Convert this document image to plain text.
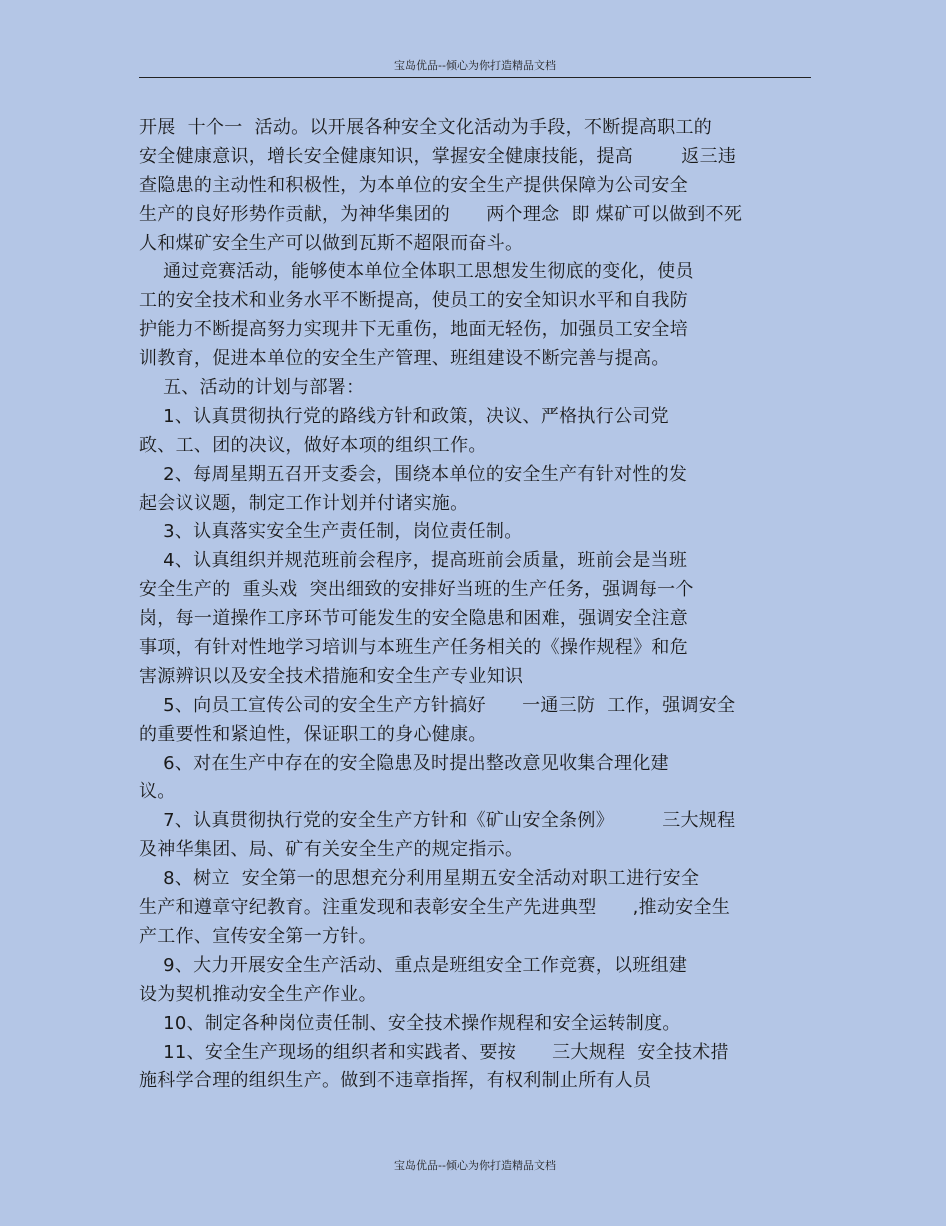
宝岛优品--倾心为你打造精品文档
开展  十个一  活动。以开展各种安全文化活动为手段，不断提高职工的
安全健康意识，增长安全健康知识，掌握安全健康技能，提高        返三违
查隐患的主动性和积极性，为本单位的安全生产提供保障为公司安全
生产的良好形势作贡献，为神华集团的      两个理念  即 煤矿可以做到不死
人和煤矿安全生产可以做到瓦斯不超限而奋斗。
通过竞赛活动，能够使本单位全体职工思想发生彻底的变化，使员
工的安全技术和业务水平不断提高，使员工的安全知识水平和自我防
护能力不断提高努力实现井下无重伤，地面无轻伤，加强员工安全培
训教育，促进本单位的安全生产管理、班组建设不断完善与提高。
五、活动的计划与部署：
1、认真贯彻执行党的路线方针和政策，决议、严格执行公司党
政、工、团的决议，做好本项的组织工作。
2、每周星期五召开支委会，围绕本单位的安全生产有针对性的发
起会议议题，制定工作计划并付诸实施。
3、认真落实安全生产责任制，岗位责任制。
4、认真组织并规范班前会程序，提高班前会质量，班前会是当班
安全生产的  重头戏  突出细致的安排好当班的生产任务，强调每一个
岗，每一道操作工序环节可能发生的安全隐患和困难，强调安全注意
事项，有针对性地学习培训与本班生产任务相关的《操作规程》和危
害源辨识以及安全技术措施和安全生产专业知识
5、向员工宣传公司的安全生产方针搞好      一通三防  工作，强调安全
的重要性和紧迫性，保证职工的身心健康。
6、对在生产中存在的安全隐患及时提出整改意见收集合理化建
议。
7、认真贯彻执行党的安全生产方针和《矿山安全条例》        三大规程
及神华集团、局、矿有关安全生产的规定指示。
8、树立  安全第一的思想充分利用星期五安全活动对职工进行安全
生产和遵章守纪教育。注重发现和表彰安全生产先进典型      ,推动安全生
产工作、宣传安全第一方针。
9、大力开展安全生产活动、重点是班组安全工作竞赛，以班组建
设为契机推动安全生产作业。
10、制定各种岗位责任制、安全技术操作规程和安全运转制度。
11、安全生产现场的组织者和实践者、要按      三大规程  安全技术措
施科学合理的组织生产。做到不违章指挥，有权利制止所有人员
宝岛优品--倾心为你打造精品文档
